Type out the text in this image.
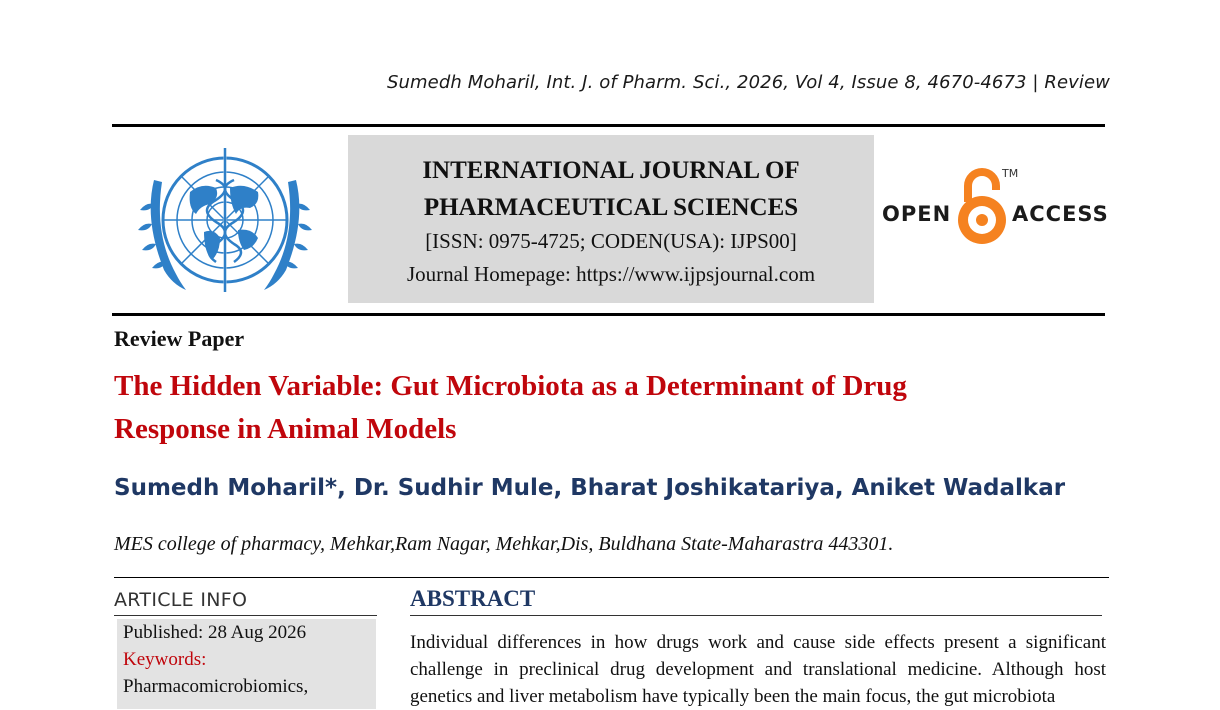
Sumedh Moharil, Int. J. of Pharm. Sci., 2026, Vol 4, Issue 8, 4670-4673 | Review
INTERNATIONAL JOURNAL OF
PHARMACEUTICAL SCIENCES
[ISSN: 0975-4725; CODEN(USA): IJPS00]
Journal Homepage: https://www.ijpsjournal.com
OPEN
TM
ACCESS
Review Paper
The Hidden Variable: Gut Microbiota as a Determinant of Drug
Response in Animal Models
Sumedh Moharil*, Dr. Sudhir Mule, Bharat Joshikatariya, Aniket Wadalkar
MES college of pharmacy, Mehkar,Ram Nagar, Mehkar,Dis, Buldhana State-Maharastra 443301.
ARTICLE INFO
Published: 28 Aug 2026
Keywords:
Pharmacomicrobiomics,
ABSTRACT
Individual differences in how drugs work and cause side effects present a significant challenge in preclinical drug development and translational medicine. Although host genetics and liver metabolism have typically been the main focus, the gut microbiota
